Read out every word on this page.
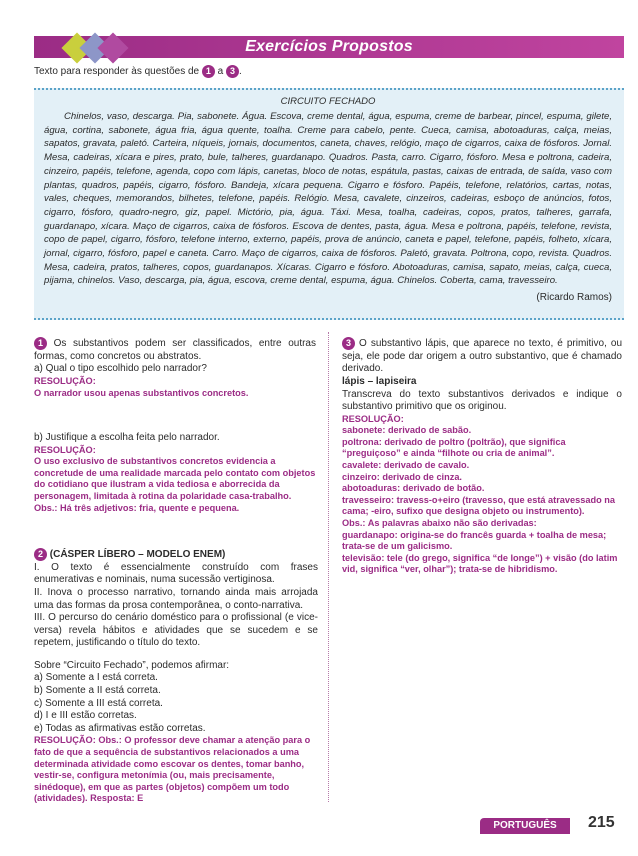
Exercícios Propostos
Texto para responder às questões de 1 a 3 .
CIRCUITO FECHADO
Chinelos, vaso, descarga. Pia, sabonete. Água. Escova, creme dental, água, espuma, creme de barbear, pincel, espuma, gilete, água, cortina, sabonete, água fria, água quente, toalha. Creme para cabelo, pente. Cueca, camisa, abotoaduras, calça, meias, sapatos, gravata, paletó. Carteira, níqueis, jornais, documentos, caneta, chaves, relógio, maço de cigarros, caixa de fósforos. Jornal. Mesa, cadeiras, xícara e pires, prato, bule, talheres, guardanapo. Quadros. Pasta, carro. Cigarro, fósforo. Mesa e poltrona, cadeira, cinzeiro, papéis, telefone, agenda, copo com lápis, canetas, bloco de notas, espátula, pastas, caixas de entrada, de saída, vaso com plantas, quadros, papéis, cigarro, fósforo. Bandeja, xícara pequena. Cigarro e fósforo. Papéis, telefone, relatórios, cartas, notas, vales, cheques, memorandos, bilhetes, telefone, papéis. Relógio. Mesa, cavalete, cinzeiros, cadeiras, esboço de anúncios, fotos, cigarro, fósforo, quadro-negro, giz, papel. Mictório, pia, água. Táxi. Mesa, toalha, cadeiras, copos, pratos, talheres, garrafa, guardanapo, xícara. Maço de cigarros, caixa de fósforos. Escova de dentes, pasta, água. Mesa e poltrona, papéis, telefone, revista, copo de papel, cigarro, fósforo, telefone interno, externo, papéis, prova de anúncio, caneta e papel, telefone, papéis, folheto, xícara, jornal, cigarro, fósforo, papel e caneta. Carro. Maço de cigarros, caixa de fósforos. Paletó, gravata. Poltrona, copo, revista. Quadros. Mesa, cadeira, pratos, talheres, copos, guardanapos. Xícaras. Cigarro e fósforo. Abotoaduras, camisa, sapato, meias, calça, cueca, pijama, chinelos. Vaso, descarga, pia, água, escova, creme dental, espuma, água. Chinelos. Coberta, cama, travesseiro.
(Ricardo Ramos)

1 Os substantivos podem ser classificados, entre outras formas, como concretos ou abstratos.

a) Qual o tipo escolhido pelo narrador?

RESOLUÇÃO:

O narrador usou apenas substantivos concretos.

b) Justifique a escolha feita pelo narrador.

RESOLUÇÃO:

O uso exclusivo de substantivos concretos evidencia a concretude de uma realidade marcada pelo contato com objetos do cotidiano que ilustram a vida tediosa e aborrecida da personagem, limitada à rotina da polaridade casa-trabalho.

Obs.: Há três adjetivos: fria, quente e pequena.

2 (CÁSPER LÍBERO – MODELO ENEM)

I. O texto é essencialmente construído com frases enumerativas e nominais, numa sucessão vertiginosa.

II. Inova o processo narrativo, tornando ainda mais arrojada uma das formas da prosa contemporânea, o conto-narrativa.

III. O percurso do cenário doméstico para o profissional (e vice-versa) revela hábitos e atividades que se sucedem e se repetem, justificando o título do texto.

Sobre “Circuito Fechado”, podemos afirmar:

a) Somente a I está correta.

b) Somente a II está correta.

c) Somente a III está correta.

d) I e III estão corretas.

e) Todas as afirmativas estão corretas.

RESOLUÇÃO: Obs.: O professor deve chamar a atenção para o fato de que a sequência de substantivos relacionados a uma determinada atividade como escovar os dentes, tomar banho, vestir-se, configura metonímia (ou, mais precisamente, sinédoque), em que as partes (objetos) compõem um todo (atividades). Resposta: E

3 O substantivo lápis, que aparece no texto, é primitivo, ou seja, ele pode dar origem a outro substantivo, que é chamado derivado.

lápis – lapiseira

Transcreva do texto substantivos derivados e indique o substantivo primitivo que os originou.

RESOLUÇÃO:

sabonete: derivado de sabão.

poltrona: derivado de poltro (poltrão), que significa “preguiçoso” e ainda “filhote ou cria de animal”.

cavalete: derivado de cavalo.

cinzeiro: derivado de cinza.

abotoaduras: derivado de botão.

travesseiro: travess-o+eiro (travesso, que está atravessado na cama; -eiro, sufixo que designa objeto ou instrumento).

Obs.: As palavras abaixo não são derivadas:

guardanapo: origina-se do francês guarda + toalha de mesa; trata-se de um galicismo.

televisão: tele (do grego, significa “de longe”) + visão (do latim vid, significa “ver, olhar”); trata-se de hibridismo.

PORTUGUÊS	215
